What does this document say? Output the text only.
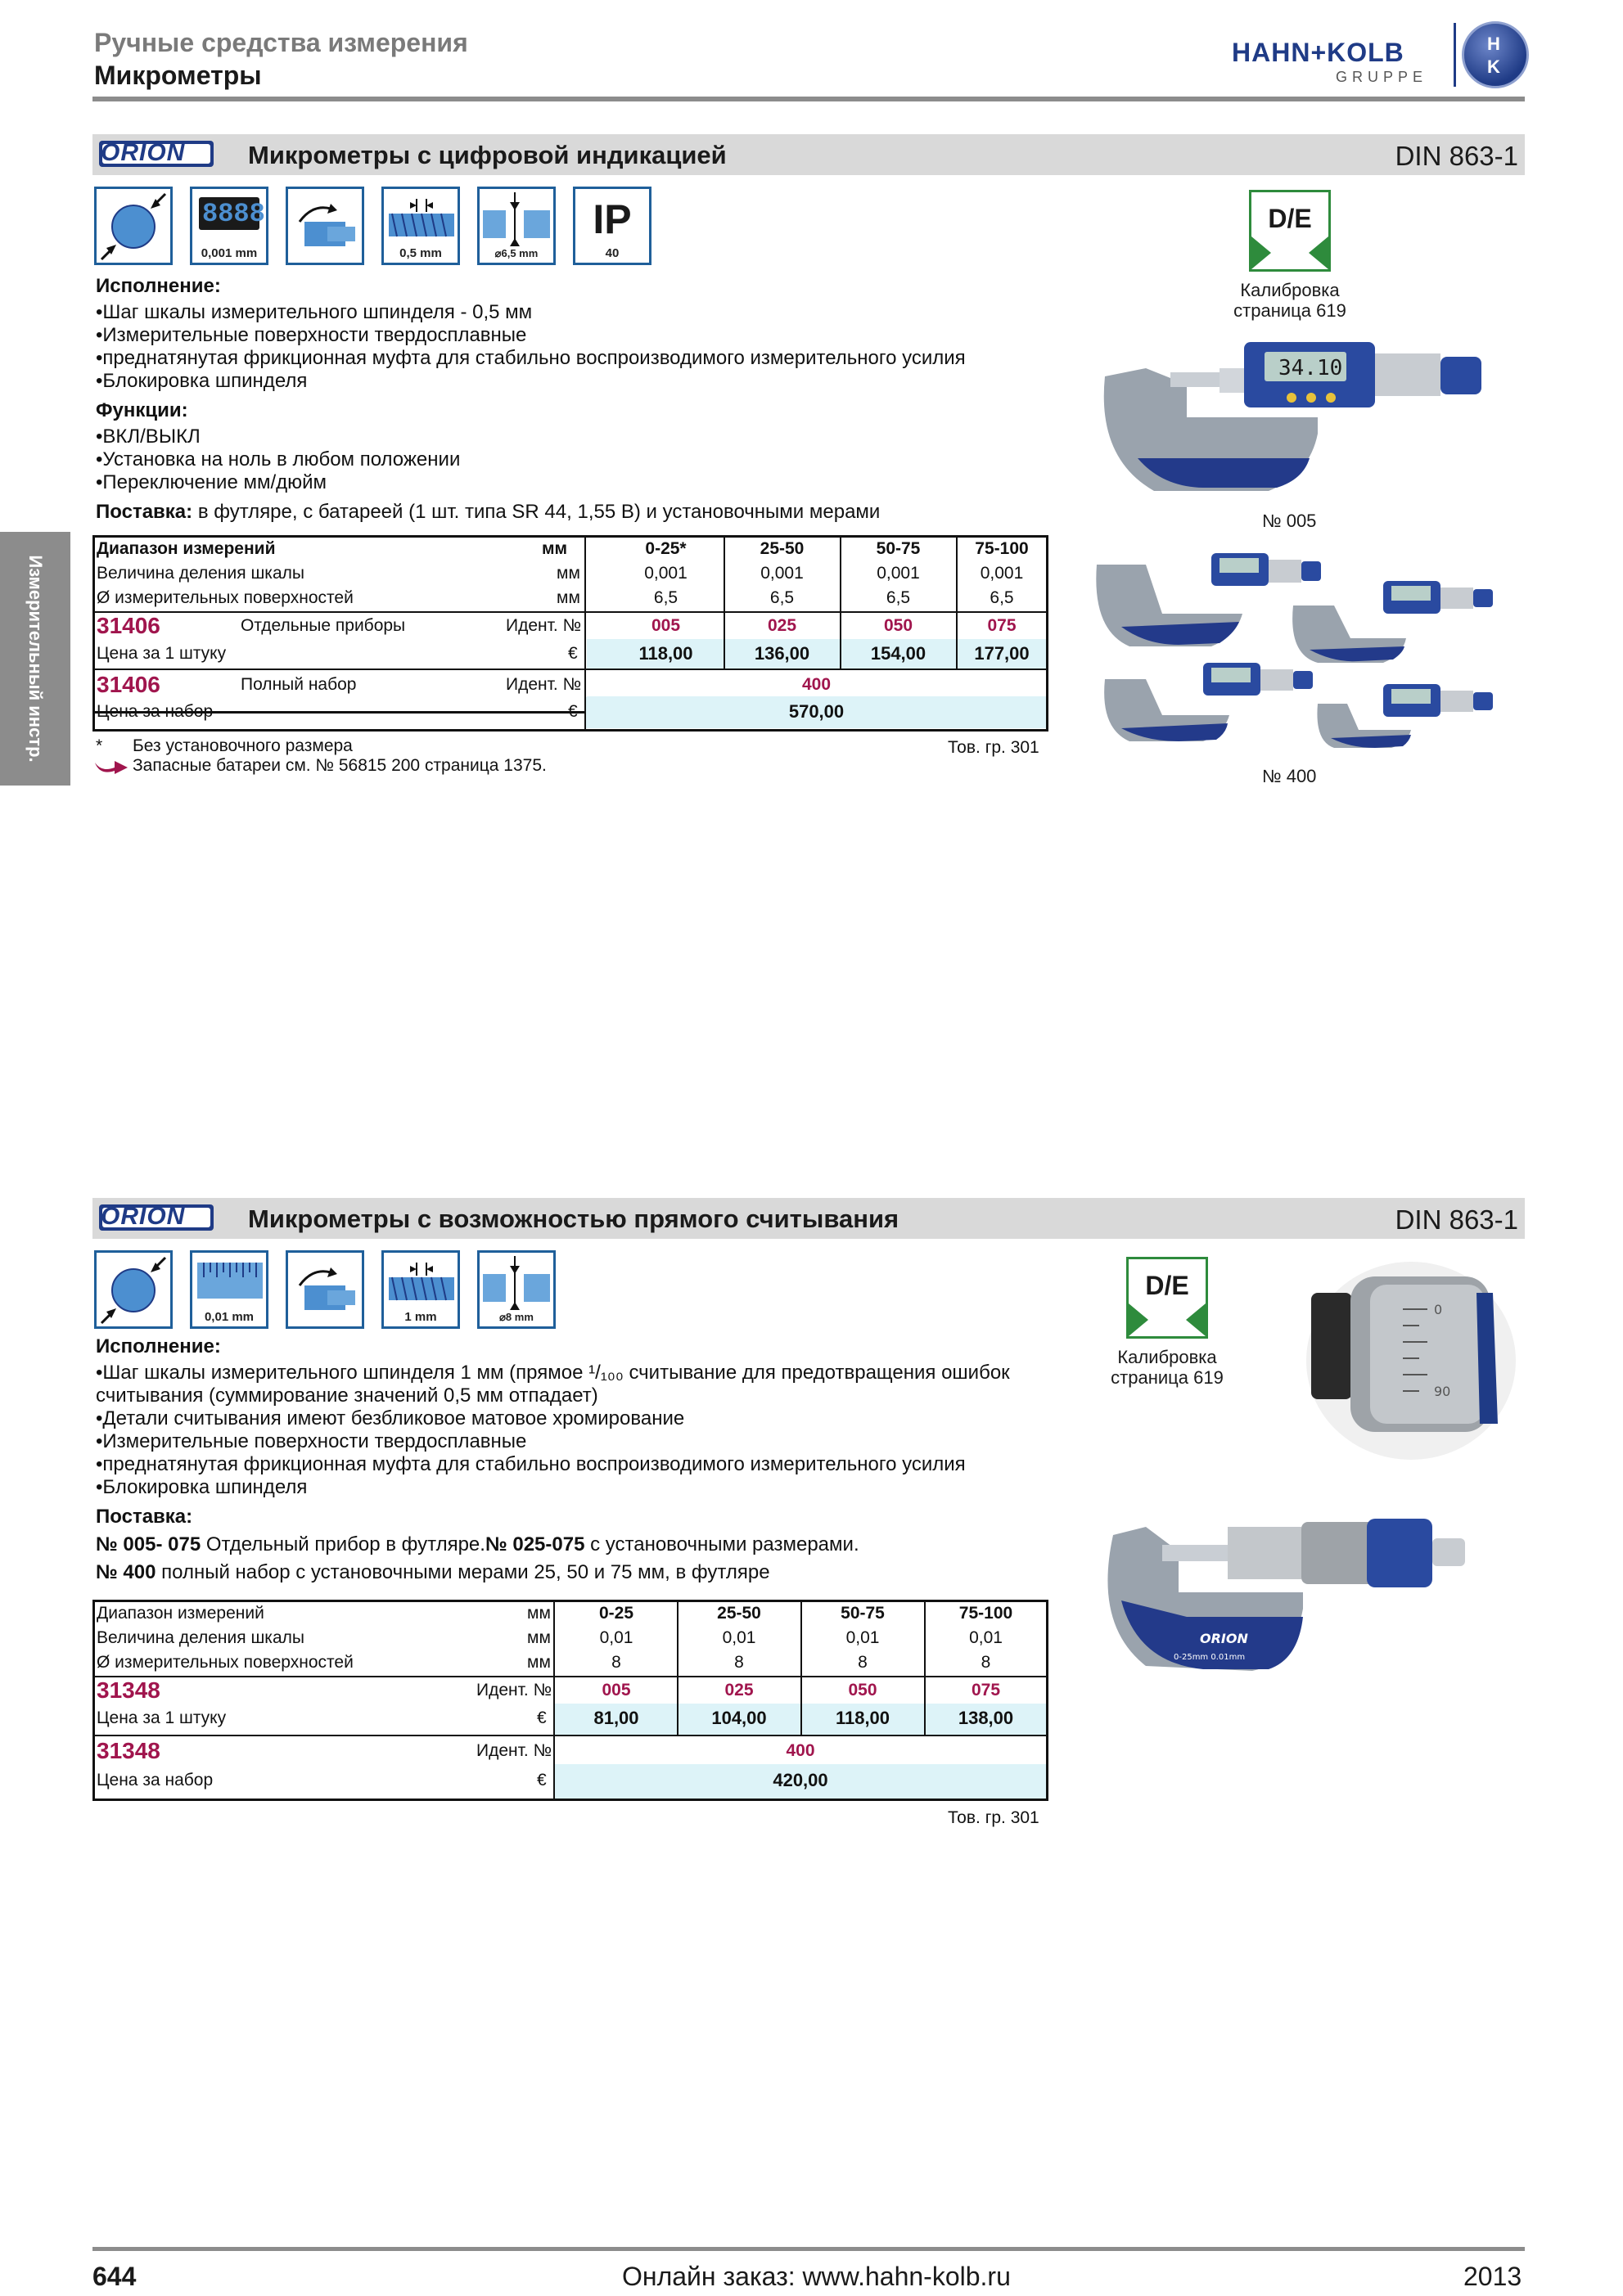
Ручные средства измерения
Микрометры
HAHN+KOLB
GRUPPE
H
K
Измерительный инстр.
ORION Микрометры с цифровой индикацией	DIN 863-1
8888
0,001 mm	0,5 mm	⌀6,5 mm
IP
40
D/E
Калибровка
страница 619
Исполнение:
•Шаг шкалы измерительного шпинделя - 0,5 мм
•Измерительные поверхности твердосплавные
•преднатянутая фрикционная муфта для стабильно воспроизводимого измерительного усилия
•Блокировка шпинделя
Функции:
•ВКЛ/ВЫКЛ
•Установка на ноль в любом положении
•Переключение мм/дюйм
Поставка: в футляре, с батареей (1 шт. типа SR 44, 1,55 В) и установочными мерами
Диапазон измерений	мм	0-25*	25-50	50-75	75-100
Величина деления шкалы	мм	0,001	0,001	0,001	0,001
Ø измерительных поверхностей	мм	6,5	6,5	6,5	6,5
31406	Отдельные приборы	Идент. №	005	025	050	075
Цена за 1 штуку	€	118,00	136,00	154,00	177,00
31406	Полный набор	Идент. №	400
Цена за набор	€	570,00
* Без установочного размера
Запасные батареи см. № 56815 200 страница 1375.
Тов. гр. 301
34.10
№ 005
№ 400
ORION Микрометры с возможностью прямого считывания	DIN 863-1
0,01 mm	1 mm	⌀8 mm
D/E
Калибровка
страница 619
0
90
ORION
0-25mm 0.01mm
Исполнение:
•Шаг шкалы измерительного шпинделя 1 мм (прямое ¹/₁₀₀ считывание для предотвращения ошибок
считывания (суммирование значений 0,5 мм отпадает)
•Детали считывания имеют безбликовое матовое хромирование
•Измерительные поверхности твердосплавные
•преднатянутая фрикционная муфта для стабильно воспроизводимого измерительного усилия
•Блокировка шпинделя
Поставка:
№ 005- 075 Отдельный прибор в футляре.№ 025-075 с установочными размерами.
№ 400 полный набор с установочными мерами 25, 50 и 75 мм, в футляре
Диапазон измерений	мм	0-25	25-50	50-75	75-100
Величина деления шкалы	мм	0,01	0,01	0,01	0,01
Ø измерительных поверхностей	мм	8	8	8	8
31348	Идент. №	005	025	050	075
Цена за 1 штуку	€	81,00	104,00	118,00	138,00
31348	Идент. №	400
Цена за набор	€	420,00
Тов. гр. 301
644	Онлайн заказ: www.hahn-kolb.ru	2013
